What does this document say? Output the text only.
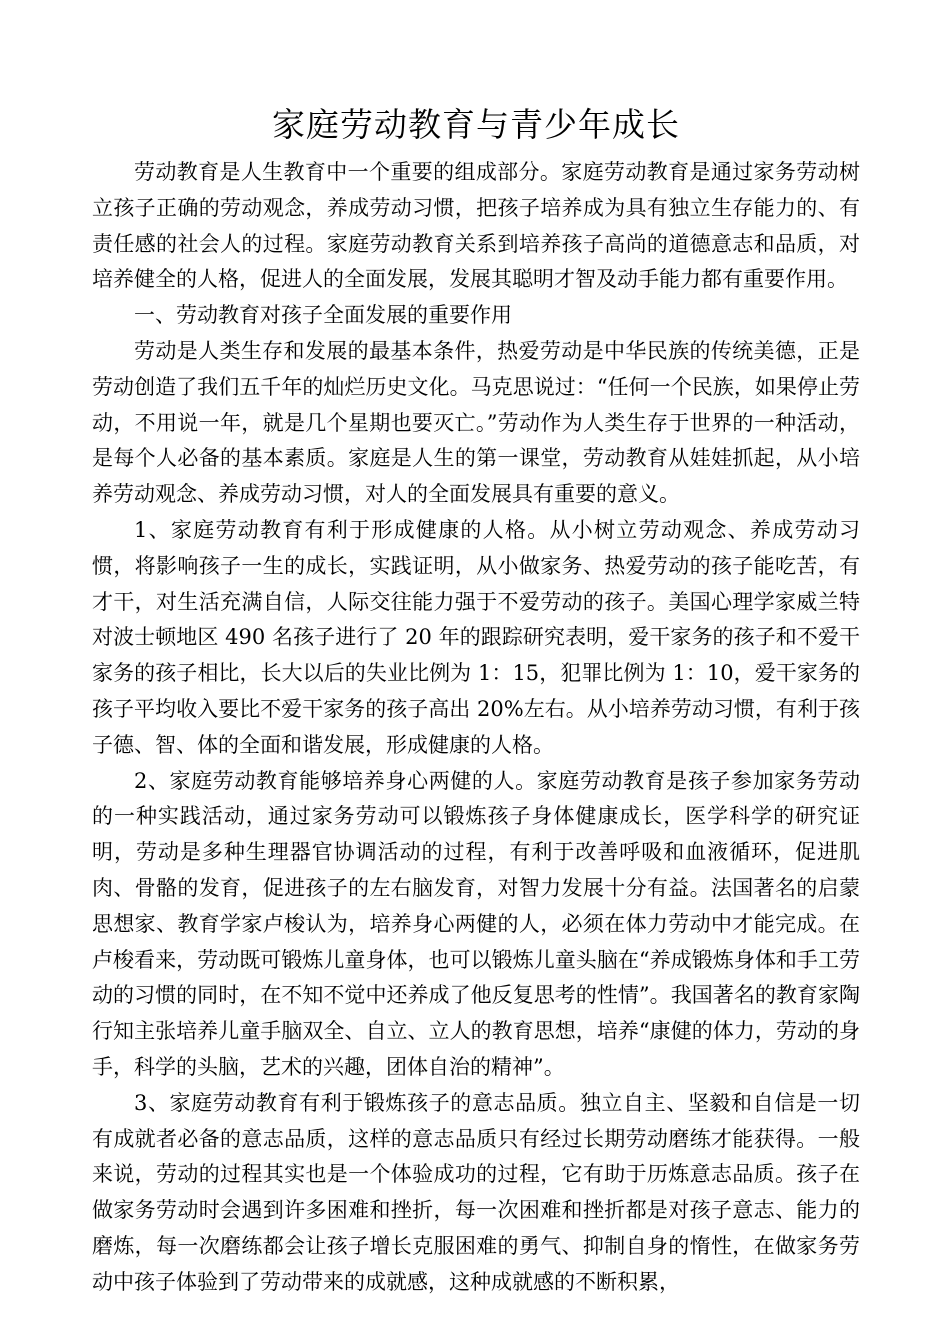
家庭劳动教育与青少年成长

劳动教育是人生教育中一个重要的组成部分。家庭劳动教育是通过家务劳动树立孩子正确的劳动观念，养成劳动习惯，把孩子培养成为具有独立生存能力的、有责任感的社会人的过程。家庭劳动教育关系到培养孩子高尚的道德意志和品质，对培养健全的人格，促进人的全面发展，发展其聪明才智及动手能力都有重要作用。

一、劳动教育对孩子全面发展的重要作用

劳动是人类生存和发展的最基本条件，热爱劳动是中华民族的传统美德，正是劳动创造了我们五千年的灿烂历史文化。马克思说过：“任何一个民族，如果停止劳动，不用说一年，就是几个星期也要灭亡。”劳动作为人类生存于世界的一种活动，是每个人必备的基本素质。家庭是人生的第一课堂，劳动教育从娃娃抓起，从小培养劳动观念、养成劳动习惯，对人的全面发展具有重要的意义。

1、家庭劳动教育有利于形成健康的人格。从小树立劳动观念、养成劳动习惯，将影响孩子一生的成长，实践证明，从小做家务、热爱劳动的孩子能吃苦，有才干，对生活充满自信，人际交往能力强于不爱劳动的孩子。美国心理学家威兰特对波士顿地区 490 名孩子进行了 20 年的跟踪研究表明，爱干家务的孩子和不爱干家务的孩子相比，长大以后的失业比例为 1：15，犯罪比例为 1：10，爱干家务的孩子平均收入要比不爱干家务的孩子高出 20%左右。从小培养劳动习惯，有利于孩子德、智、体的全面和谐发展，形成健康的人格。

2、家庭劳动教育能够培养身心两健的人。家庭劳动教育是孩子参加家务劳动的一种实践活动，通过家务劳动可以锻炼孩子身体健康成长，医学科学的研究证明，劳动是多种生理器官协调活动的过程，有利于改善呼吸和血液循环，促进肌肉、骨骼的发育，促进孩子的左右脑发育，对智力发展十分有益。法国著名的启蒙思想家、教育学家卢梭认为，培养身心两健的人，必须在体力劳动中才能完成。在卢梭看来，劳动既可锻炼儿童身体，也可以锻炼儿童头脑在“养成锻炼身体和手工劳动的习惯的同时，在不知不觉中还养成了他反复思考的性情”。我国著名的教育家陶行知主张培养儿童手脑双全、自立、立人的教育思想，培养“康健的体力，劳动的身手，科学的头脑，艺术的兴趣，团体自治的精神”。

3、家庭劳动教育有利于锻炼孩子的意志品质。独立自主、坚毅和自信是一切有成就者必备的意志品质，这样的意志品质只有经过长期劳动磨练才能获得。一般来说，劳动的过程其实也是一个体验成功的过程，它有助于历炼意志品质。孩子在做家务劳动时会遇到许多困难和挫折，每一次困难和挫折都是对孩子意志、能力的磨炼，每一次磨练都会让孩子增长克服困难的勇气、抑制自身的惰性，在做家务劳动中孩子体验到了劳动带来的成就感，这种成就感的不断积累，
